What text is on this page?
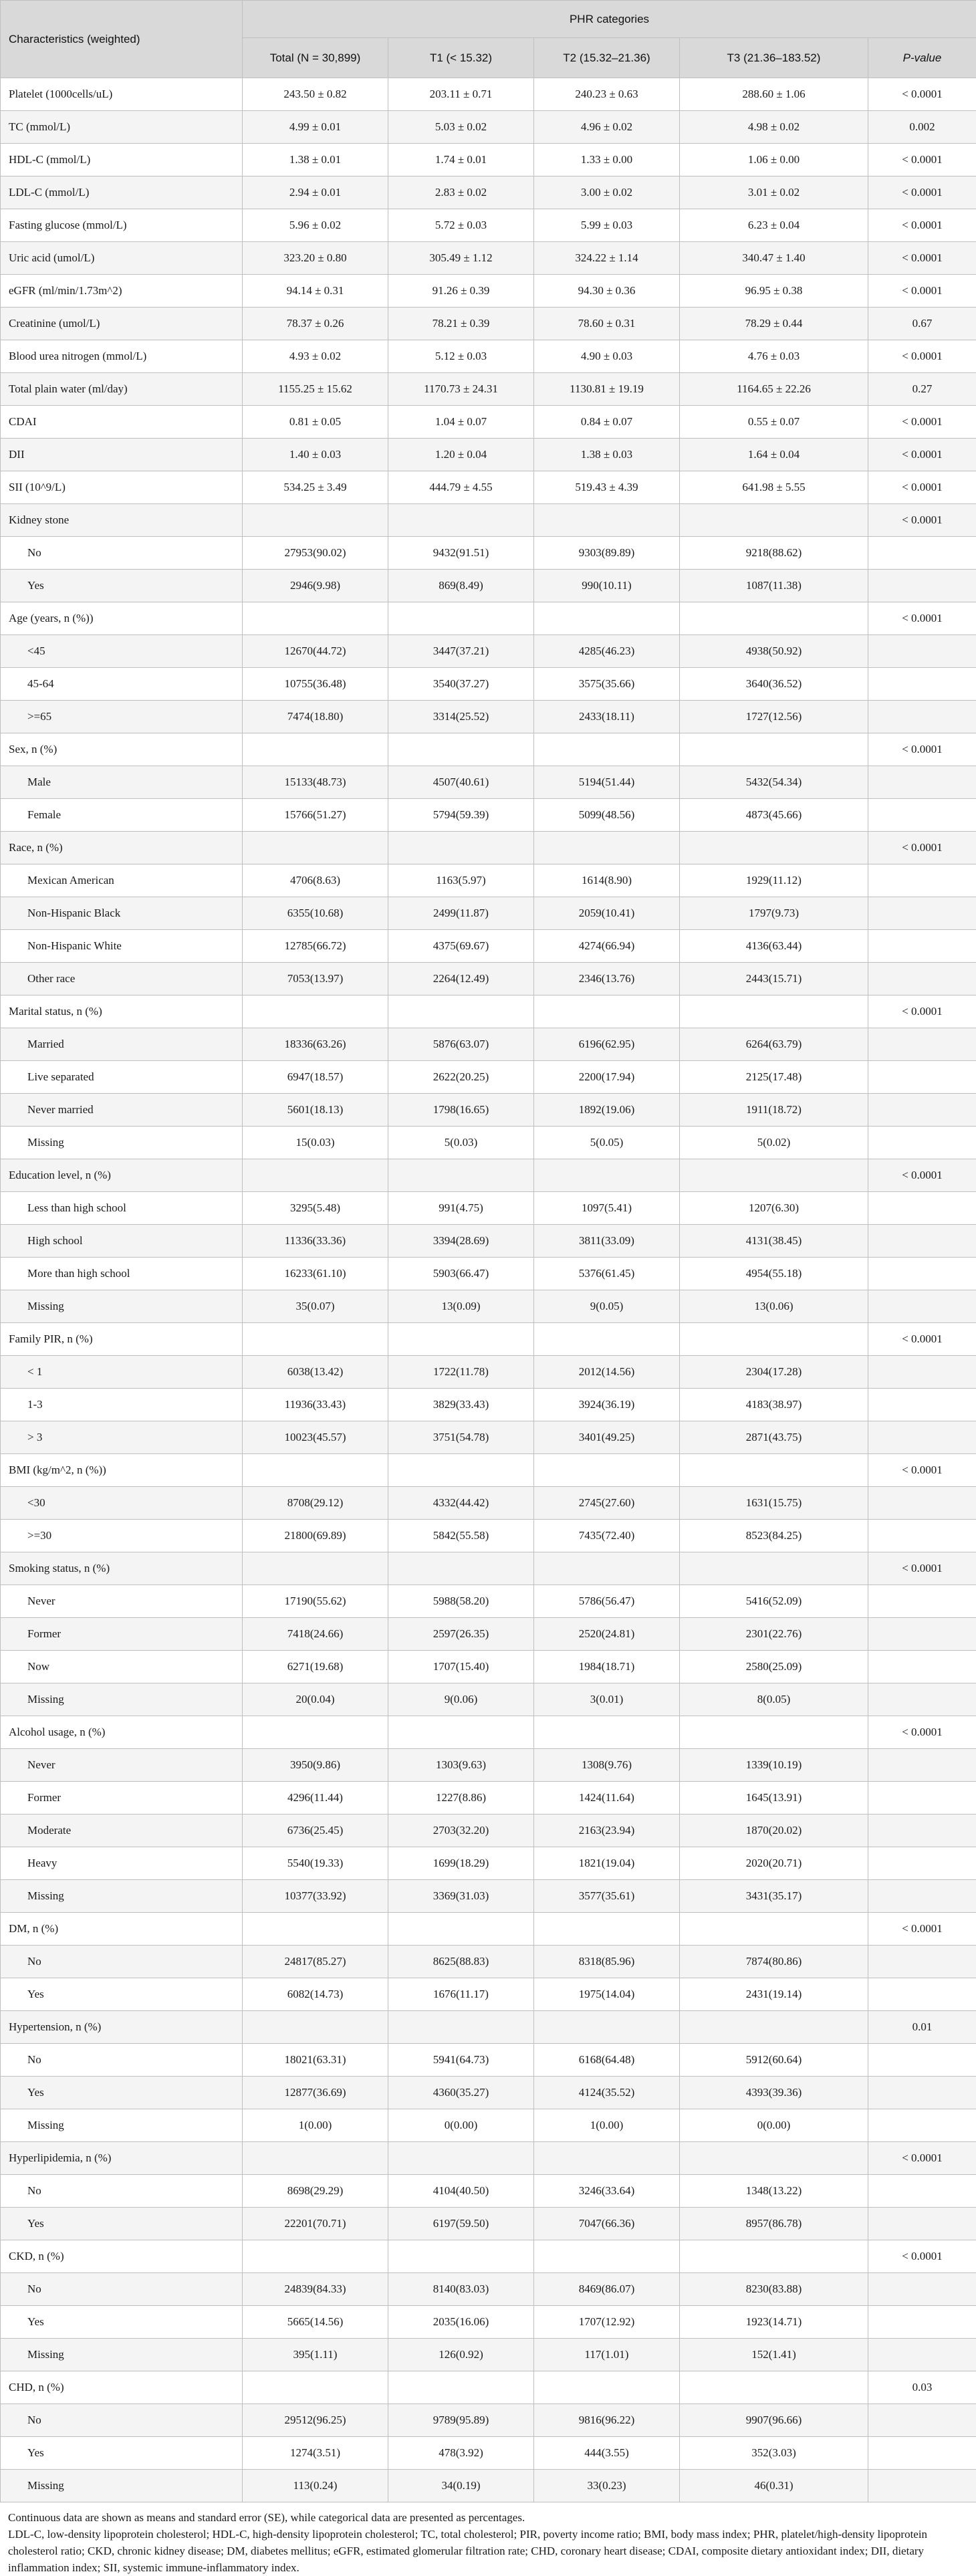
Characteristics (weighted)	PHR categories				
	Total (N = 30,899)	T1 (< 15.32)	T2 (15.32–21.36)	T3 (21.36–183.52)	P-value
Platelet (1000cells/uL)	243.50 ± 0.82	203.11 ± 0.71	240.23 ± 0.63	288.60 ± 1.06	< 0.0001
TC (mmol/L)	4.99 ± 0.01	5.03 ± 0.02	4.96 ± 0.02	4.98 ± 0.02	0.002
HDL-C (mmol/L)	1.38 ± 0.01	1.74 ± 0.01	1.33 ± 0.00	1.06 ± 0.00	< 0.0001
LDL-C (mmol/L)	2.94 ± 0.01	2.83 ± 0.02	3.00 ± 0.02	3.01 ± 0.02	< 0.0001
Fasting glucose (mmol/L)	5.96 ± 0.02	5.72 ± 0.03	5.99 ± 0.03	6.23 ± 0.04	< 0.0001
Uric acid (umol/L)	323.20 ± 0.80	305.49 ± 1.12	324.22 ± 1.14	340.47 ± 1.40	< 0.0001
eGFR (ml/min/1.73m^2)	94.14 ± 0.31	91.26 ± 0.39	94.30 ± 0.36	96.95 ± 0.38	< 0.0001
Creatinine (umol/L)	78.37 ± 0.26	78.21 ± 0.39	78.60 ± 0.31	78.29 ± 0.44	0.67
Blood urea nitrogen (mmol/L)	4.93 ± 0.02	5.12 ± 0.03	4.90 ± 0.03	4.76 ± 0.03	< 0.0001
Total plain water (ml/day)	1155.25 ± 15.62	1170.73 ± 24.31	1130.81 ± 19.19	1164.65 ± 22.26	0.27
CDAI	0.81 ± 0.05	1.04 ± 0.07	0.84 ± 0.07	0.55 ± 0.07	< 0.0001
DII	1.40 ± 0.03	1.20 ± 0.04	1.38 ± 0.03	1.64 ± 0.04	< 0.0001
SII (10^9/L)	534.25 ± 3.49	444.79 ± 4.55	519.43 ± 4.39	641.98 ± 5.55	< 0.0001
Kidney stone					< 0.0001
No	27953(90.02)	9432(91.51)	9303(89.89)	9218(88.62)	
Yes	2946(9.98)	869(8.49)	990(10.11)	1087(11.38)	
Age (years, n (%))					< 0.0001
<45	12670(44.72)	3447(37.21)	4285(46.23)	4938(50.92)	
45-64	10755(36.48)	3540(37.27)	3575(35.66)	3640(36.52)	
>=65	7474(18.80)	3314(25.52)	2433(18.11)	1727(12.56)	
Sex, n (%)					< 0.0001
Male	15133(48.73)	4507(40.61)	5194(51.44)	5432(54.34)	
Female	15766(51.27)	5794(59.39)	5099(48.56)	4873(45.66)	
Race, n (%)					< 0.0001
Mexican American	4706(8.63)	1163(5.97)	1614(8.90)	1929(11.12)	
Non-Hispanic Black	6355(10.68)	2499(11.87)	2059(10.41)	1797(9.73)	
Non-Hispanic White	12785(66.72)	4375(69.67)	4274(66.94)	4136(63.44)	
Other race	7053(13.97)	2264(12.49)	2346(13.76)	2443(15.71)	
Marital status, n (%)					< 0.0001
Married	18336(63.26)	5876(63.07)	6196(62.95)	6264(63.79)	
Live separated	6947(18.57)	2622(20.25)	2200(17.94)	2125(17.48)	
Never married	5601(18.13)	1798(16.65)	1892(19.06)	1911(18.72)	
Missing	15(0.03)	5(0.03)	5(0.05)	5(0.02)	
Education level, n (%)					< 0.0001
Less than high school	3295(5.48)	991(4.75)	1097(5.41)	1207(6.30)	
High school	11336(33.36)	3394(28.69)	3811(33.09)	4131(38.45)	
More than high school	16233(61.10)	5903(66.47)	5376(61.45)	4954(55.18)	
Missing	35(0.07)	13(0.09)	9(0.05)	13(0.06)	
Family PIR, n (%)					< 0.0001
< 1	6038(13.42)	1722(11.78)	2012(14.56)	2304(17.28)	
1-3	11936(33.43)	3829(33.43)	3924(36.19)	4183(38.97)	
> 3	10023(45.57)	3751(54.78)	3401(49.25)	2871(43.75)	
BMI (kg/m^2, n (%))					< 0.0001
<30	8708(29.12)	4332(44.42)	2745(27.60)	1631(15.75)	
>=30	21800(69.89)	5842(55.58)	7435(72.40)	8523(84.25)	
Smoking status, n (%)					< 0.0001
Never	17190(55.62)	5988(58.20)	5786(56.47)	5416(52.09)	
Former	7418(24.66)	2597(26.35)	2520(24.81)	2301(22.76)	
Now	6271(19.68)	1707(15.40)	1984(18.71)	2580(25.09)	
Missing	20(0.04)	9(0.06)	3(0.01)	8(0.05)	
Alcohol usage, n (%)					< 0.0001
Never	3950(9.86)	1303(9.63)	1308(9.76)	1339(10.19)	
Former	4296(11.44)	1227(8.86)	1424(11.64)	1645(13.91)	
Moderate	6736(25.45)	2703(32.20)	2163(23.94)	1870(20.02)	
Heavy	5540(19.33)	1699(18.29)	1821(19.04)	2020(20.71)	
Missing	10377(33.92)	3369(31.03)	3577(35.61)	3431(35.17)	
DM, n (%)					< 0.0001
No	24817(85.27)	8625(88.83)	8318(85.96)	7874(80.86)	
Yes	6082(14.73)	1676(11.17)	1975(14.04)	2431(19.14)	
Hypertension, n (%)					0.01
No	18021(63.31)	5941(64.73)	6168(64.48)	5912(60.64)	
Yes	12877(36.69)	4360(35.27)	4124(35.52)	4393(39.36)	
Missing	1(0.00)	0(0.00)	1(0.00)	0(0.00)	
Hyperlipidemia, n (%)					< 0.0001
No	8698(29.29)	4104(40.50)	3246(33.64)	1348(13.22)	
Yes	22201(70.71)	6197(59.50)	7047(66.36)	8957(86.78)	
CKD, n (%)					< 0.0001
No	24839(84.33)	8140(83.03)	8469(86.07)	8230(83.88)	
Yes	5665(14.56)	2035(16.06)	1707(12.92)	1923(14.71)	
Missing	395(1.11)	126(0.92)	117(1.01)	152(1.41)	
CHD, n (%)					0.03
No	29512(96.25)	9789(95.89)	9816(96.22)	9907(96.66)	
Yes	1274(3.51)	478(3.92)	444(3.55)	352(3.03)	
Missing	113(0.24)	34(0.19)	33(0.23)	46(0.31)	

Continuous data are shown as means and standard error (SE), while categorical data are presented as percentages.

LDL-C, low-density lipoprotein cholesterol; HDL-C, high-density lipoprotein cholesterol; TC, total cholesterol; PIR, poverty income ratio; BMI, body mass index; PHR, platelet/high-density lipoprotein cholesterol ratio; CKD, chronic kidney disease; DM, diabetes mellitus; eGFR, estimated glomerular filtration rate; CHD, coronary heart disease; CDAI, composite dietary antioxidant index; DII, dietary inflammation index; SII, systemic immune-inflammatory index.
